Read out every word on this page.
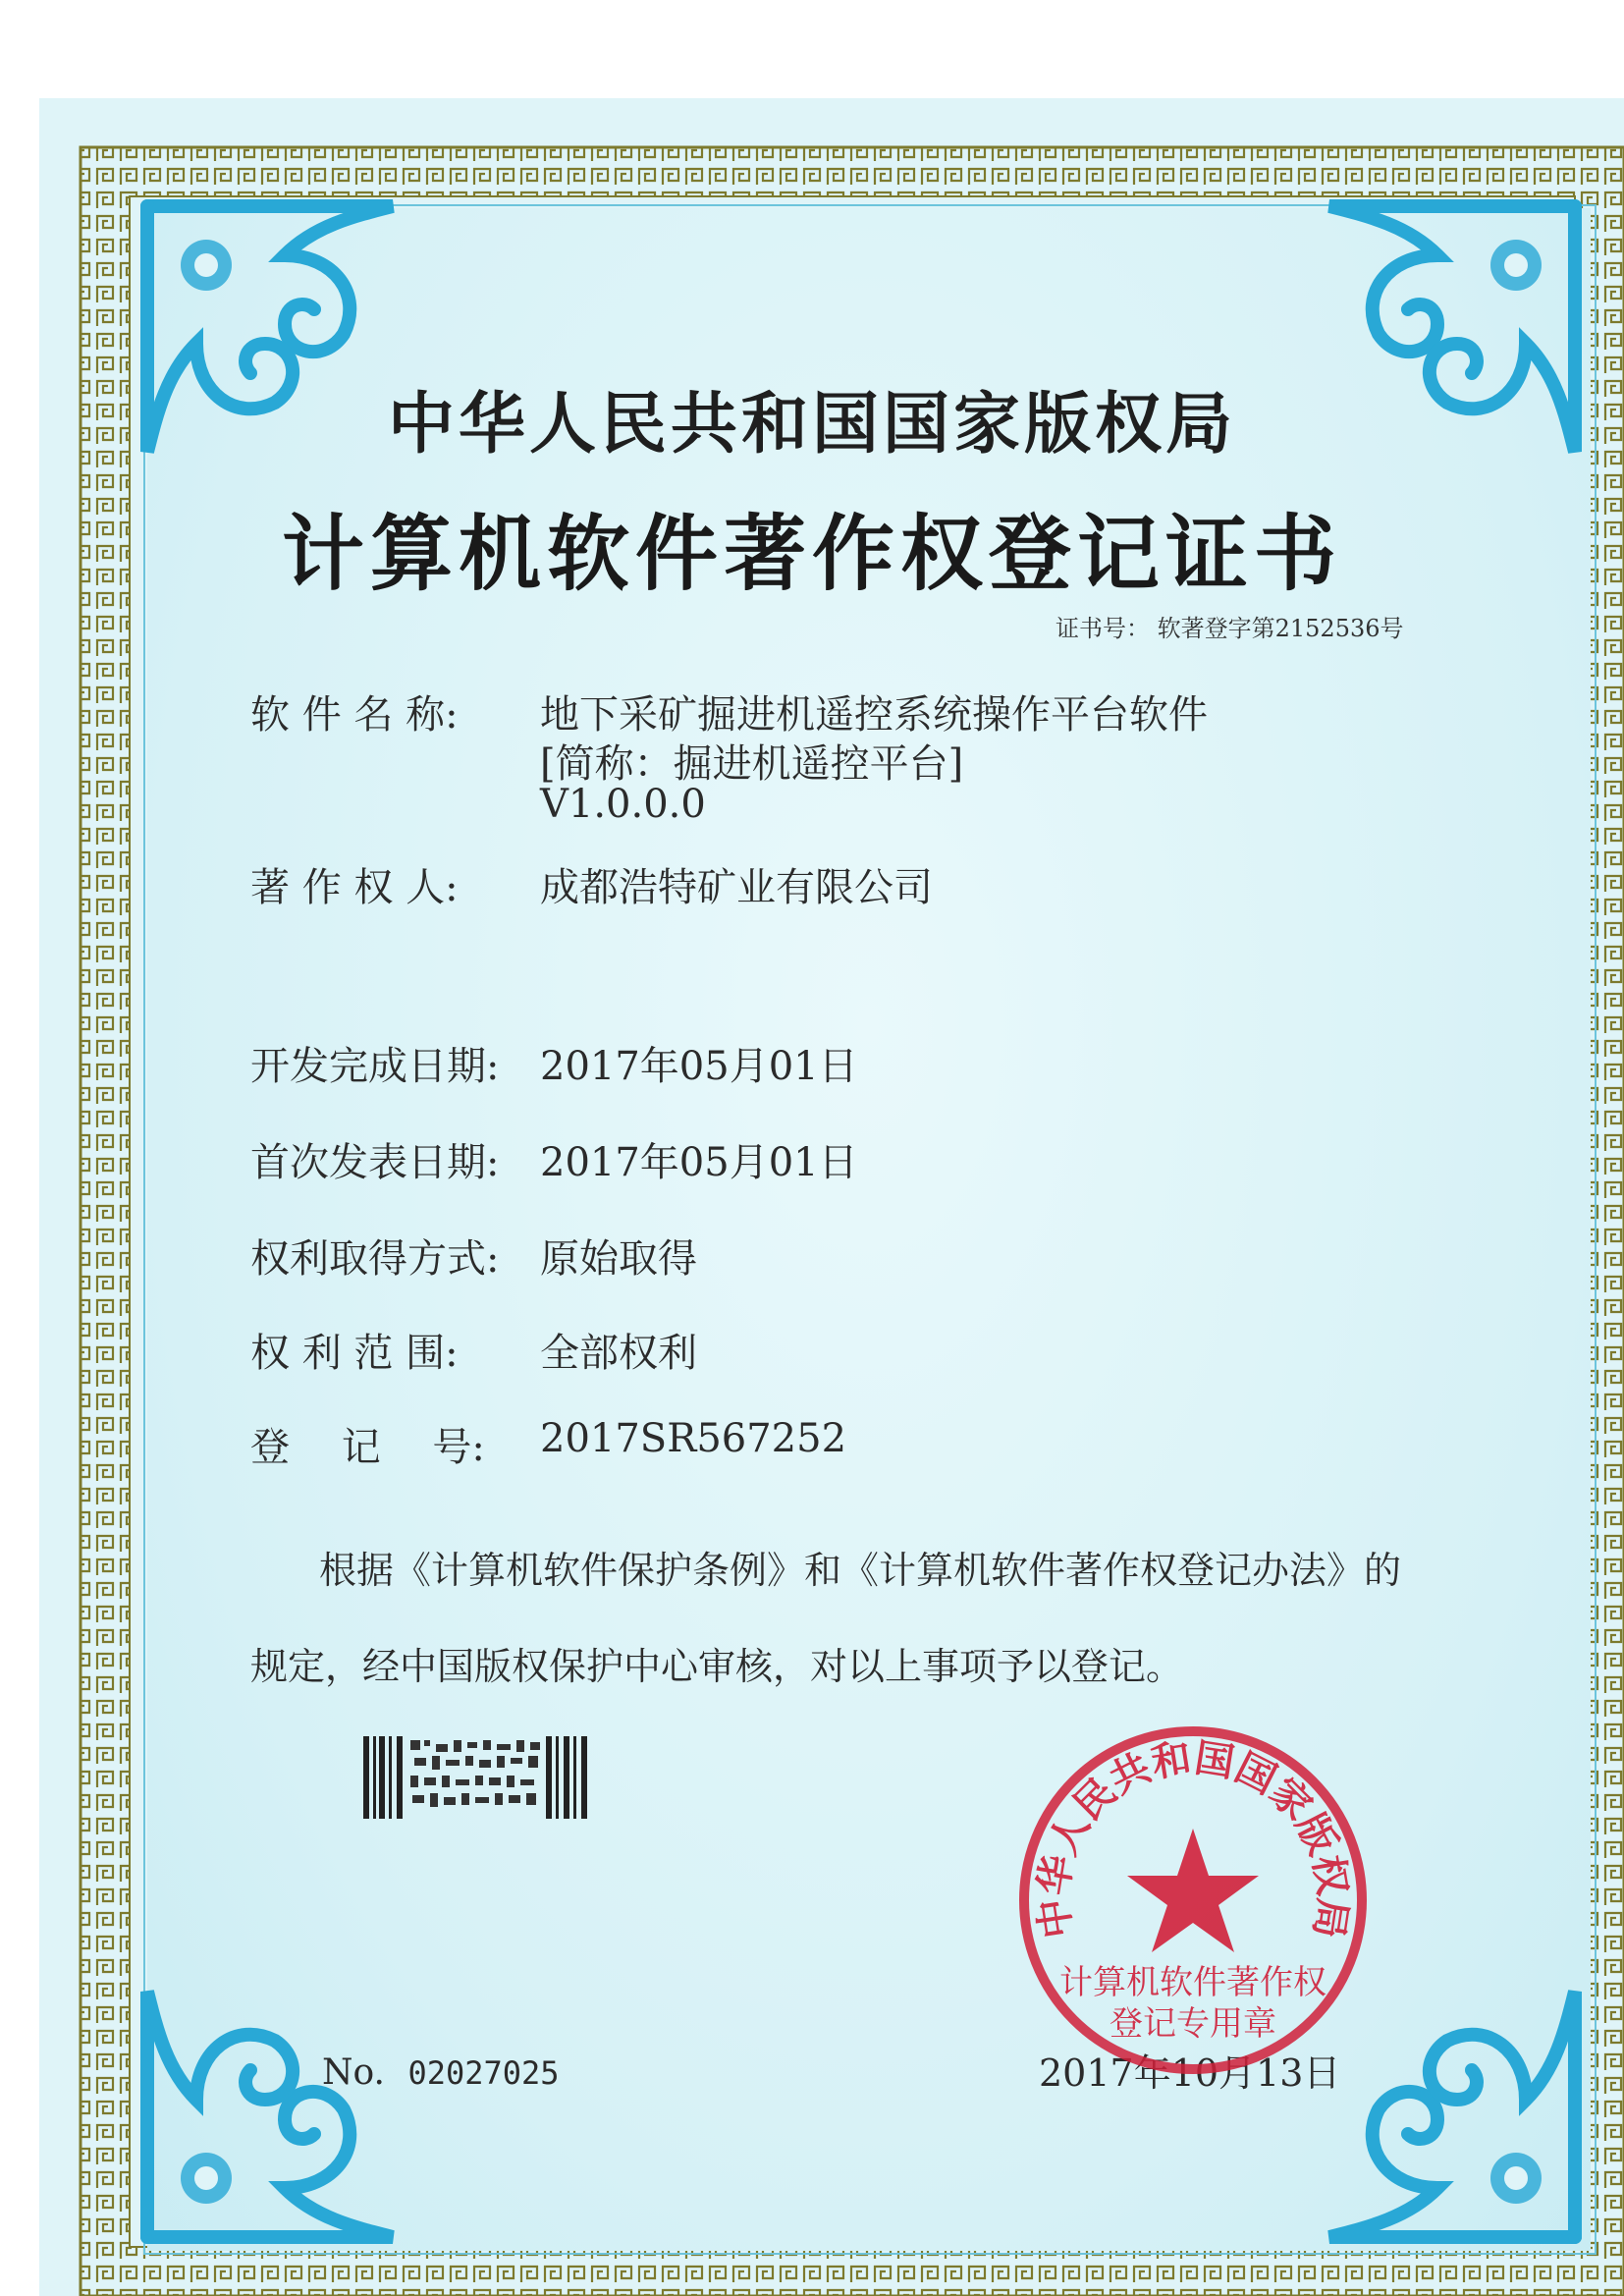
中华人民共和国国家版权局
计算机软件著作权登记证书
证书号： 软著登字第2152536号
软 件 名 称: 地下采矿掘进机遥控系统操作平台软件
[简称：掘进机遥控平台]
V1.0.0.0
著 作 权 人: 成都浩特矿业有限公司
开发完成日期: 2017年05月01日
首次发表日期: 2017年05月01日
权利取得方式: 原始取得
权 利 范 围: 全部权利
登 记 号: 2017SR567252
根据《计算机软件保护条例》和《计算机软件著作权登记办法》的
规定，经中国版权保护中心审核，对以上事项予以登记。
No. 02027025	2017年10月13日
中华人民共和国国家版权局
计算机软件著作权
登记专用章
